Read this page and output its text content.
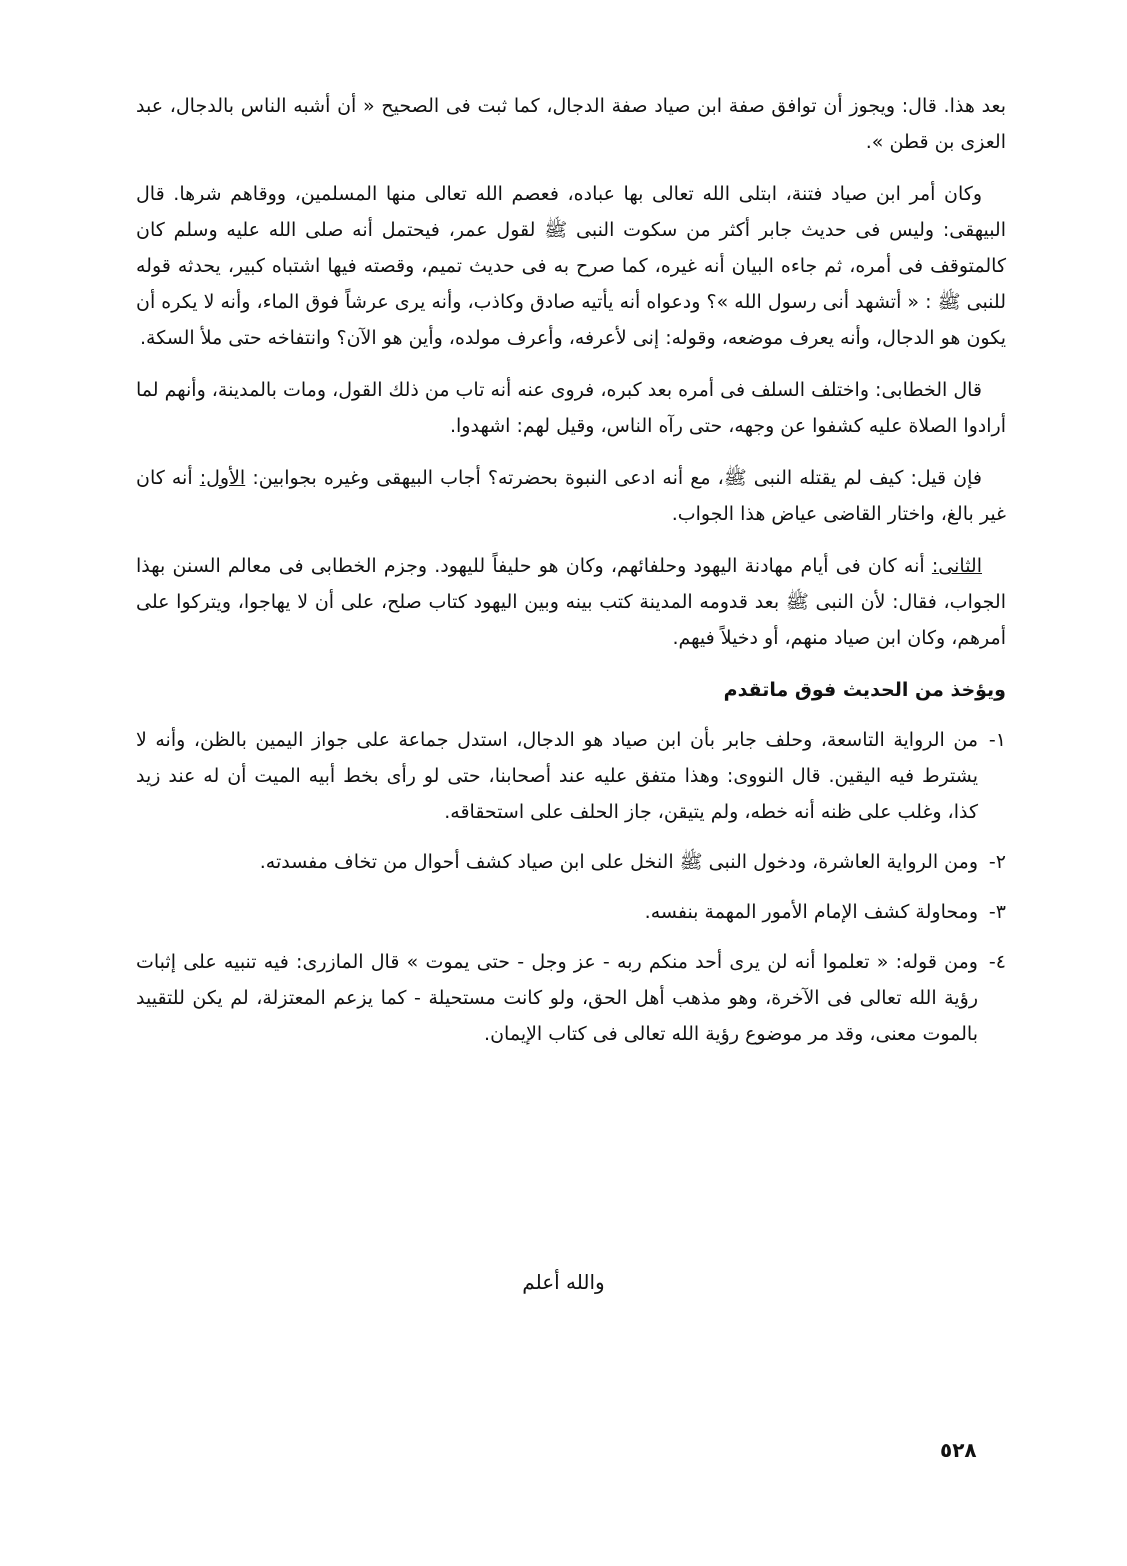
بعد هذا. قال: ويجوز أن توافق صفة ابن صياد صفة الدجال، كما ثبت فى الصحيح « أن أشبه الناس بالدجال، عبد العزى بن قطن ».

وكان أمر ابن صياد فتنة، ابتلى الله تعالى بها عباده، فعصم الله تعالى منها المسلمين، ووقاهم شرها. قال البيهقى: وليس فى حديث جابر أكثر من سكوت النبى ﷺ لقول عمر، فيحتمل أنه صلى الله عليه وسلم كان كالمتوقف فى أمره، ثم جاءه البيان أنه غيره، كما صرح به فى حديث تميم، وقصته فيها اشتباه كبير، يحدثه قوله للنبى ﷺ : « أتشهد أنى رسول الله »؟ ودعواه أنه يأتيه صادق وكاذب، وأنه يرى عرشاً فوق الماء، وأنه لا يكره أن يكون هو الدجال، وأنه يعرف موضعه، وقوله: إنى لأعرفه، وأعرف مولده، وأين هو الآن؟ وانتفاخه حتى ملأ السكة.

قال الخطابى: واختلف السلف فى أمره بعد كبره، فروى عنه أنه تاب من ذلك القول، ومات بالمدينة، وأنهم لما أرادوا الصلاة عليه كشفوا عن وجهه، حتى رآه الناس، وقيل لهم: اشهدوا.

فإن قيل: كيف لم يقتله النبى ﷺ، مع أنه ادعى النبوة بحضرته؟ أجاب البيهقى وغيره بجوابين: الأول: أنه كان غير بالغ، واختار القاضى عياض هذا الجواب.

الثانى: أنه كان فى أيام مهادنة اليهود وحلفائهم، وكان هو حليفاً لليهود. وجزم الخطابى فى معالم السنن بهذا الجواب، فقال: لأن النبى ﷺ بعد قدومه المدينة كتب بينه وبين اليهود كتاب صلح، على أن لا يهاجوا، ويتركوا على أمرهم، وكان ابن صياد منهم، أو دخيلاً فيهم.

ويؤخذ من الحديث فوق ماتقدم

١-
من الرواية التاسعة، وحلف جابر بأن ابن صياد هو الدجال، استدل جماعة على جواز اليمين بالظن، وأنه لا يشترط فيه اليقين. قال النووى: وهذا متفق عليه عند أصحابنا، حتى لو رأى بخط أبيه الميت أن له عند زيد كذا، وغلب على ظنه أنه خطه، ولم يتيقن، جاز الحلف على استحقاقه.
٢-
ومن الرواية العاشرة، ودخول النبى ﷺ النخل على ابن صياد كشف أحوال من تخاف مفسدته.
٣-
ومحاولة كشف الإمام الأمور المهمة بنفسه.
٤-
ومن قوله: « تعلموا أنه لن يرى أحد منكم ربه - عز وجل - حتى يموت » قال المازرى: فيه تنبيه على إثبات رؤية الله تعالى فى الآخرة، وهو مذهب أهل الحق، ولو كانت مستحيلة - كما يزعم المعتزلة، لم يكن للتقييد بالموت معنى، وقد مر موضوع رؤية الله تعالى فى كتاب الإيمان.
والله أعلم
٥٢٨
